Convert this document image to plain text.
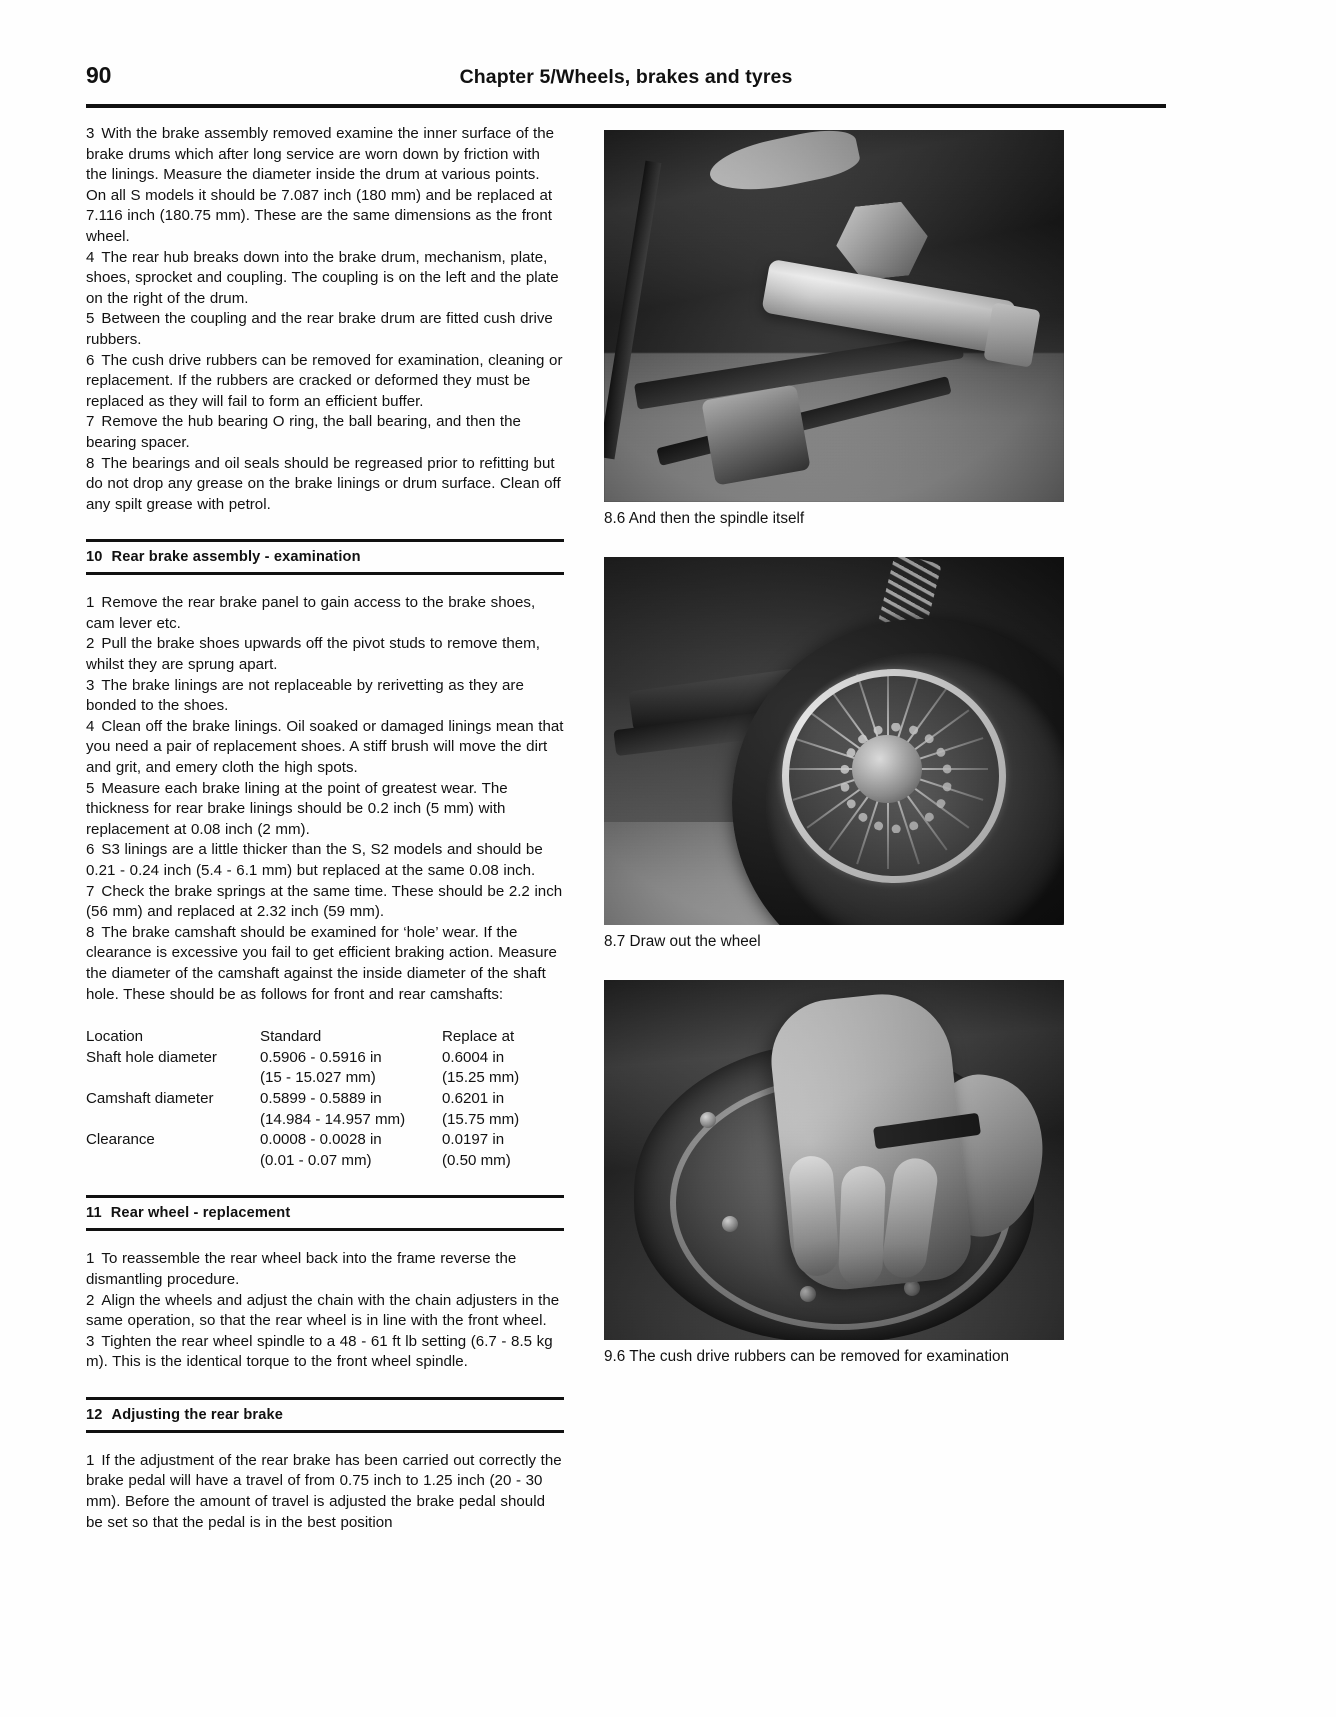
90	Chapter 5/Wheels, brakes and tyres

3 With the brake assembly removed examine the inner surface of the brake drums which after long service are worn down by friction with the linings. Measure the diameter inside the drum at various points. On all S models it should be 7.087 inch (180 mm) and be replaced at 7.116 inch (180.75 mm). These are the same dimensions as the front wheel.

4 The rear hub breaks down into the brake drum, mechanism, plate, shoes, sprocket and coupling. The coupling is on the left and the plate on the right of the drum.

5 Between the coupling and the rear brake drum are fitted cush drive rubbers.

6 The cush drive rubbers can be removed for examination, cleaning or replacement. If the rubbers are cracked or deformed they must be replaced as they will fail to form an efficient buffer.

7 Remove the hub bearing O ring, the ball bearing, and then the bearing spacer.

8 The bearings and oil seals should be regreased prior to refitting but do not drop any grease on the brake linings or drum surface. Clean off any spilt grease with petrol.

10 Rear brake assembly - examination

1 Remove the rear brake panel to gain access to the brake shoes, cam lever etc.

2 Pull the brake shoes upwards off the pivot studs to remove them, whilst they are sprung apart.

3 The brake linings are not replaceable by rerivetting as they are bonded to the shoes.

4 Clean off the brake linings. Oil soaked or damaged linings mean that you need a pair of replacement shoes. A stiff brush will move the dirt and grit, and emery cloth the high spots.

5 Measure each brake lining at the point of greatest wear. The thickness for rear brake linings should be 0.2 inch (5 mm) with replacement at 0.08 inch (2 mm).

6 S3 linings are a little thicker than the S, S2 models and should be 0.21 - 0.24 inch (5.4 - 6.1 mm) but replaced at the same 0.08 inch.

7 Check the brake springs at the same time. These should be 2.2 inch (56 mm) and replaced at 2.32 inch (59 mm).

8 The brake camshaft should be examined for ‘hole’ wear. If the clearance is excessive you fail to get efficient braking action. Measure the diameter of the camshaft against the inside diameter of the shaft hole. These should be as follows for front and rear camshafts:

Location	Standard	Replace at
Shaft hole diameter	0.5906 - 0.5916 in	0.6004 in
	(15 - 15.027 mm)	(15.25 mm)
Camshaft diameter	0.5899 - 0.5889 in	0.6201 in
	(14.984 - 14.957 mm)	(15.75 mm)
Clearance	0.0008 - 0.0028 in	0.0197 in
	(0.01 - 0.07 mm)	(0.50 mm)
11 Rear wheel - replacement

1 To reassemble the rear wheel back into the frame reverse the dismantling procedure.

2 Align the wheels and adjust the chain with the chain adjusters in the same operation, so that the rear wheel is in line with the front wheel.

3 Tighten the rear wheel spindle to a 48 - 61 ft lb setting (6.7 - 8.5 kg m). This is the identical torque to the front wheel spindle.

12 Adjusting the rear brake

1 If the adjustment of the rear brake has been carried out correctly the brake pedal will have a travel of from 0.75 inch to 1.25 inch (20 - 30 mm). Before the amount of travel is adjusted the brake pedal should be set so that the pedal is in the best position

8.6 And then the spindle itself
8.7 Draw out the wheel
9.6 The cush drive rubbers can be removed for examination
